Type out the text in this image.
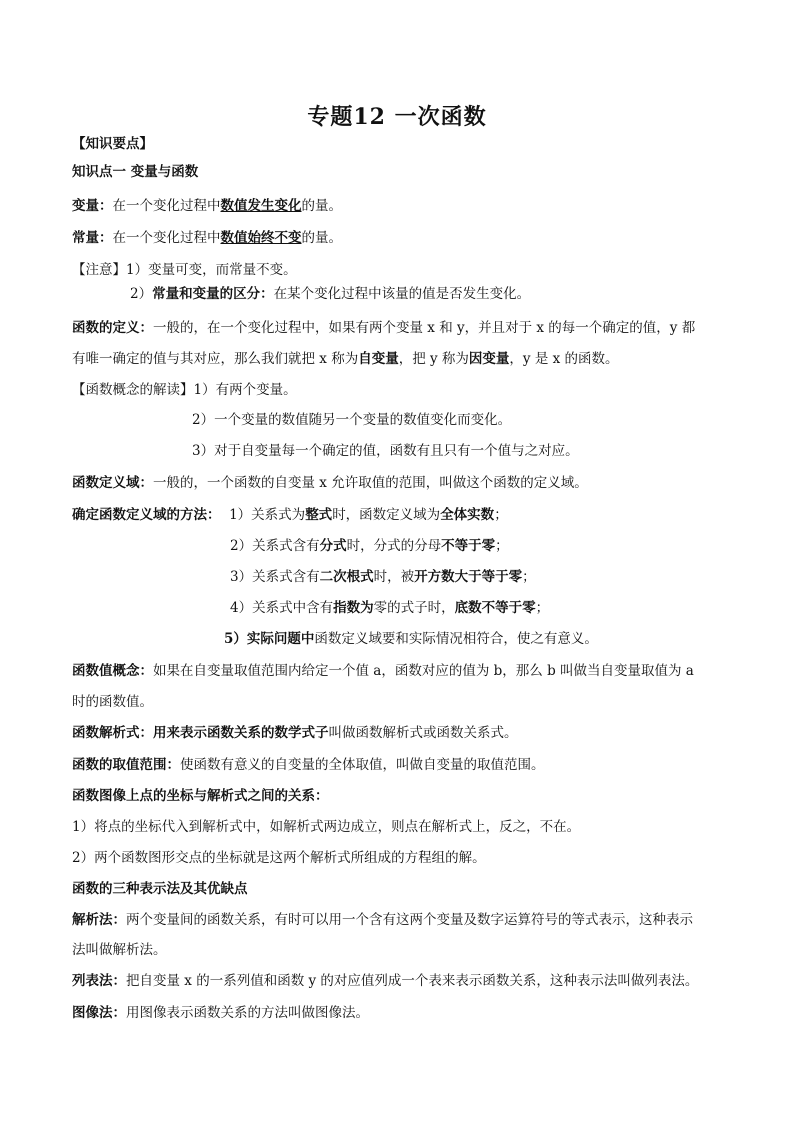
专题12 一次函数
【知识要点】
知识点一 变量与函数
变量：在一个变化过程中数值发生变化的量。
常量：在一个变化过程中数值始终不变的量。
【注意】1）变量可变，而常量不变。
2）常量和变量的区分：在某个变化过程中该量的值是否发生变化。
函数的定义：一般的，在一个变化过程中，如果有两个变量 x 和 y，并且对于 x 的每一个确定的值，y 都
有唯一确定的值与其对应，那么我们就把 x 称为自变量，把 y 称为因变量，y 是 x 的函数。
【函数概念的解读】1）有两个变量。
2）一个变量的数值随另一个变量的数值变化而变化。
3）对于自变量每一个确定的值，函数有且只有一个值与之对应。
函数定义域：一般的，一个函数的自变量 x 允许取值的范围，叫做这个函数的定义域。
确定函数定义域的方法： 1）关系式为整式时，函数定义域为全体实数；
2）关系式含有分式时，分式的分母不等于零；
3）关系式含有二次根式时，被开方数大于等于零；
4）关系式中含有指数为零的式子时，底数不等于零；
5）实际问题中函数定义域要和实际情况相符合，使之有意义。
函数值概念：如果在自变量取值范围内给定一个值 a，函数对应的值为 b，那么 b 叫做当自变量取值为 a
时的函数值。
函数解析式：用来表示函数关系的数学式子叫做函数解析式或函数关系式。
函数的取值范围：使函数有意义的自变量的全体取值，叫做自变量的取值范围。
函数图像上点的坐标与解析式之间的关系：
1）将点的坐标代入到解析式中，如解析式两边成立，则点在解析式上，反之，不在。
2）两个函数图形交点的坐标就是这两个解析式所组成的方程组的解。
函数的三种表示法及其优缺点
解析法：两个变量间的函数关系，有时可以用一个含有这两个变量及数字运算符号的等式表示，这种表示
法叫做解析法。
列表法：把自变量 x 的一系列值和函数 y 的对应值列成一个表来表示函数关系，这种表示法叫做列表法。
图像法：用图像表示函数关系的方法叫做图像法。
